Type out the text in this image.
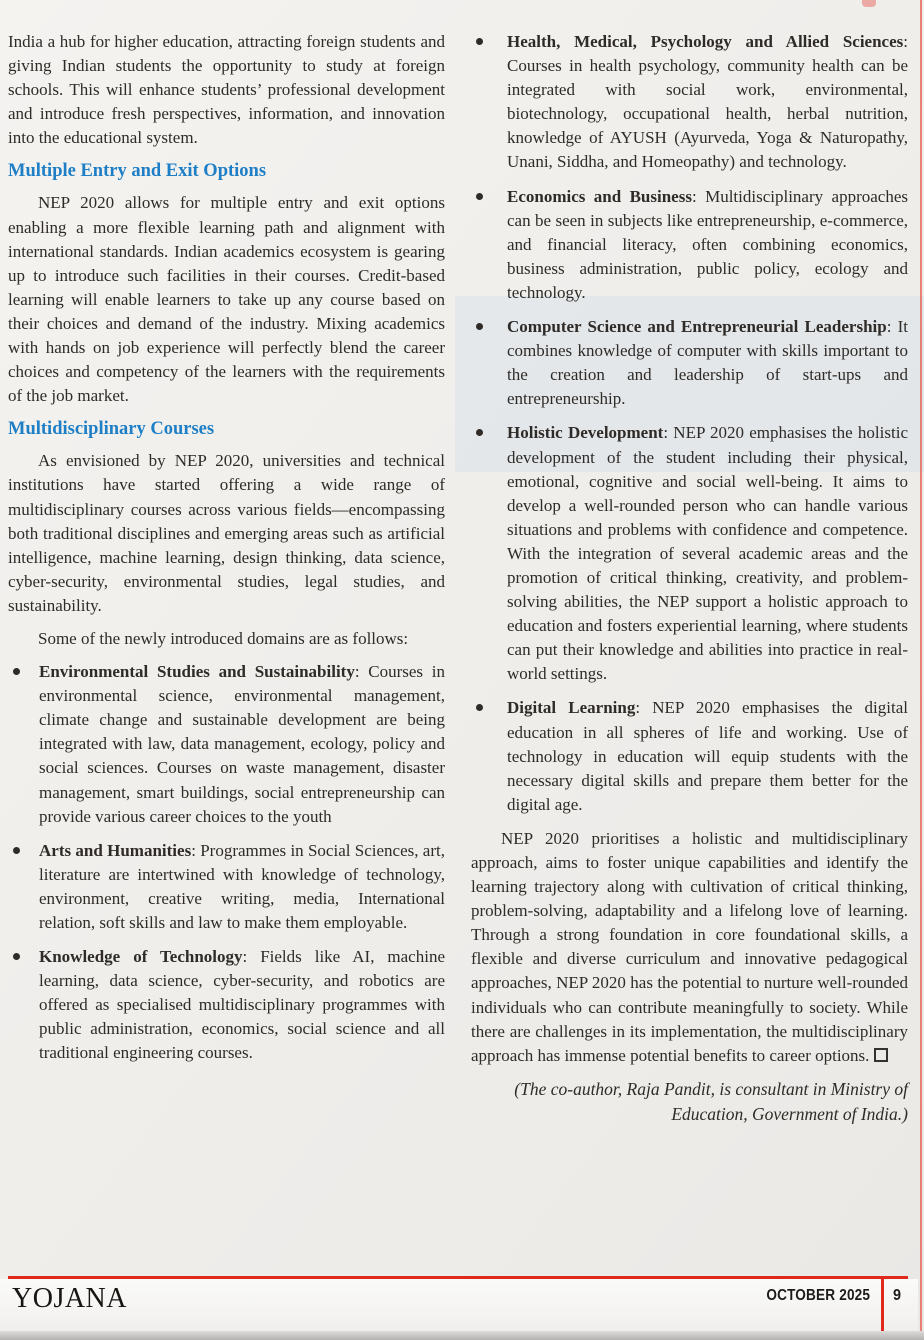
India a hub for higher education, attracting foreign students and giving Indian students the opportunity to study at foreign schools. This will enhance students’ professional development and introduce fresh perspectives, information, and innovation into the educational system.

Multiple Entry and Exit Options

NEP 2020 allows for multiple entry and exit options enabling a more flexible learning path and alignment with international standards. Indian academics ecosystem is gearing up to introduce such facilities in their courses. Credit-based learning will enable learners to take up any course based on their choices and demand of the industry. Mixing academics with hands on job experience will perfectly blend the career choices and competency of the learners with the requirements of the job market.

Multidisciplinary Courses

As envisioned by NEP 2020, universities and technical institutions have started offering a wide range of multidisciplinary courses across various fields—encompassing both traditional disciplines and emerging areas such as artificial intelligence, machine learning, design thinking, data science, cyber-security, environmental studies, legal studies, and sustainability.

Some of the newly introduced domains are as follows:

Environmental Studies and Sustainability: Courses in environmental science, environmental management, climate change and sustainable development are being integrated with law, data management, ecology, policy and social sciences. Courses on waste management, disaster management, smart buildings, social entrepreneurship can provide various career choices to the youth
Arts and Humanities: Programmes in Social Sciences, art, literature are intertwined with knowledge of technology, environment, creative writing, media, International relation, soft skills and law to make them employable.
Knowledge of Technology: Fields like AI, machine learning, data science, cyber-security, and robotics are offered as specialised multidisciplinary programmes with public administration, economics, social science and all traditional engineering courses.
Health, Medical, Psychology and Allied Sciences: Courses in health psychology, community health can be integrated with social work, environmental, biotechnology, occupational health, herbal nutrition, knowledge of AYUSH (Ayurveda, Yoga & Naturopathy, Unani, Siddha, and Homeopathy) and technology.
Economics and Business: Multidisciplinary approaches can be seen in subjects like entrepreneurship, e-commerce, and financial literacy, often combining economics, business administration, public policy, ecology and technology.
Computer Science and Entrepreneurial Leadership: It combines knowledge of computer with skills important to the creation and leadership of start-ups and entrepreneurship.
Holistic Development: NEP 2020 emphasises the holistic development of the student including their physical, emotional, cognitive and social well-being. It aims to develop a well-rounded person who can handle various situations and problems with confidence and competence. With the integration of several academic areas and the promotion of critical thinking, creativity, and problem-solving abilities, the NEP support a holistic approach to education and fosters experiential learning, where students can put their knowledge and abilities into practice in real-world settings.
Digital Learning: NEP 2020 emphasises the digital education in all spheres of life and working. Use of technology in education will equip students with the necessary digital skills and prepare them better for the digital age.

NEP 2020 prioritises a holistic and multidisciplinary approach, aims to foster unique capabilities and identify the learning trajectory along with cultivation of critical thinking, problem-solving, adaptability and a lifelong love of learning. Through a strong foundation in core foundational skills, a flexible and diverse curriculum and innovative pedagogical approaches, NEP 2020 has the potential to nurture well-rounded individuals who can contribute meaningfully to society. While there are challenges in its implementation, the multidisciplinary approach has immense potential benefits to career options.

(The co-author, Raja Pandit, is consultant in Ministry of Education, Government of India.)

YOJANA	OCTOBER 2025 9
